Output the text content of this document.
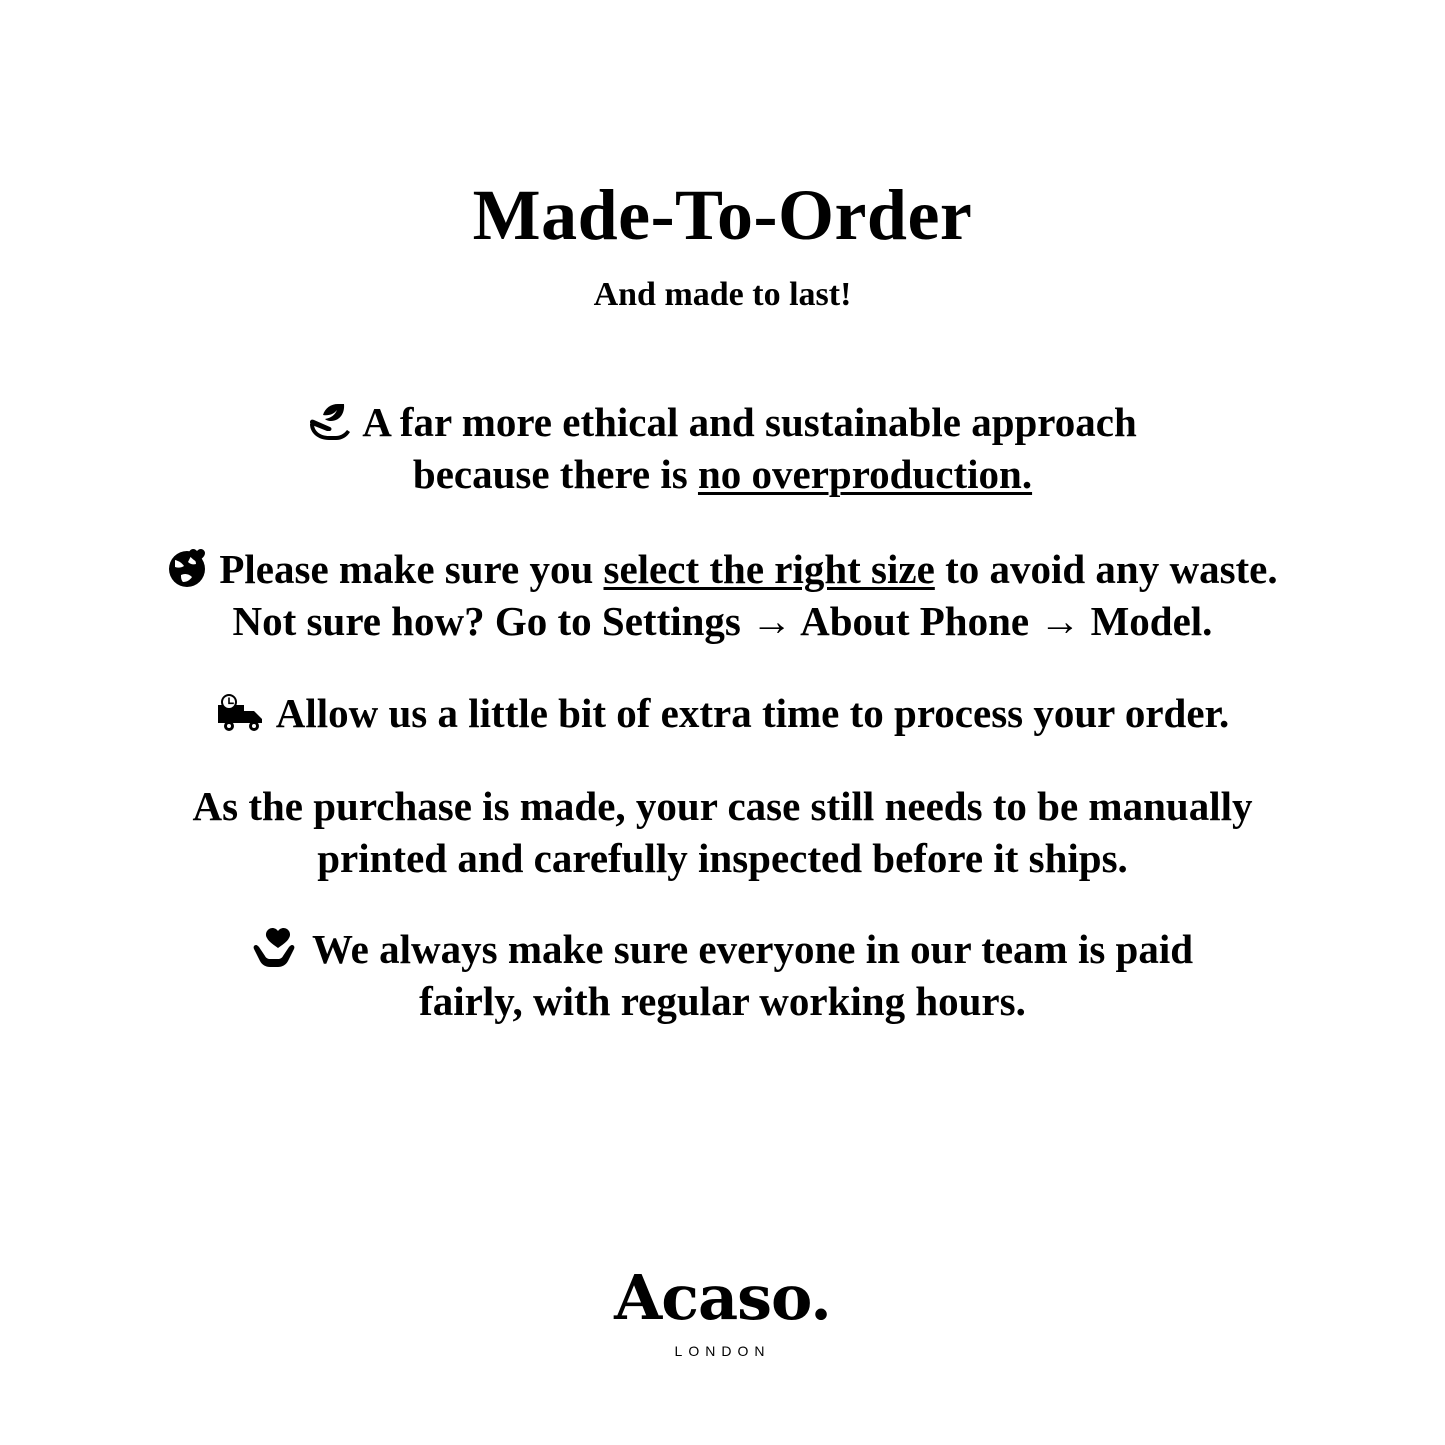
Made-To-Order
And made to last!
A far more ethical and sustainable approach
because there is no overproduction.
Please make sure you select the right size to avoid any waste.
Not sure how? Go to Settings → About Phone → Model.
Allow us a little bit of extra time to process your order.
As the purchase is made, your case still needs to be manually
printed and carefully inspected before it ships.
We always make sure everyone in our team is paid
fairly, with regular working hours.
Acaso.
LONDON
